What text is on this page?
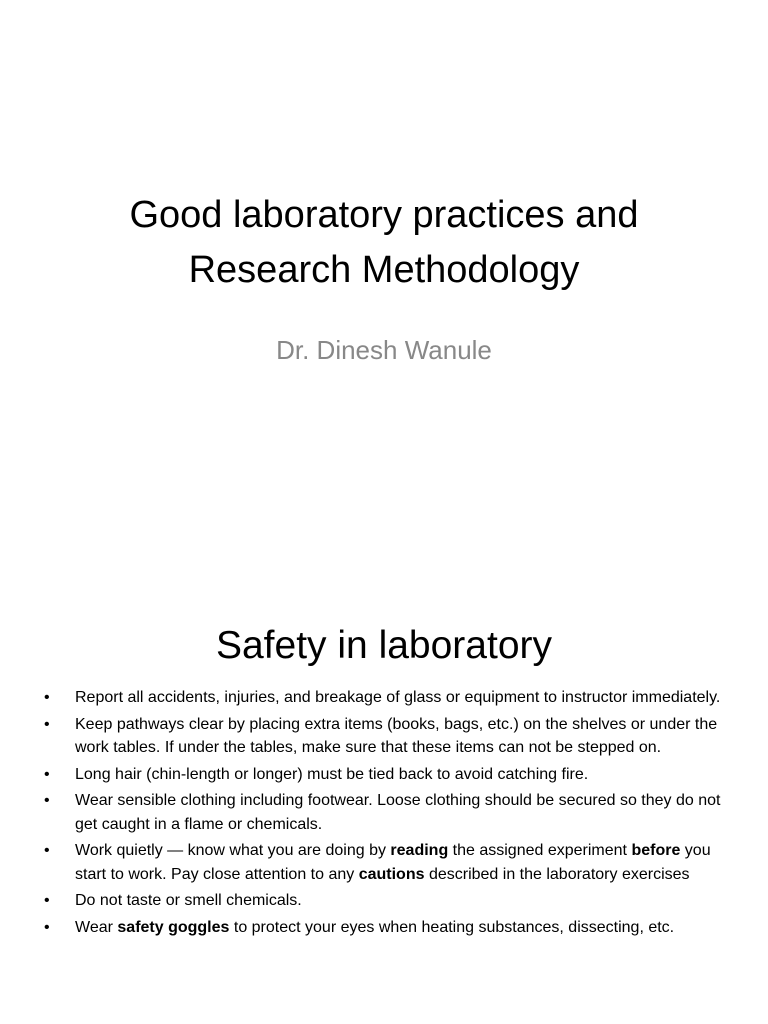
Good laboratory practices and
Research Methodology

Dr. Dinesh Wanule

Safety in laboratory
• Report all accidents, injuries, and breakage of glass or equipment to instructor immediately.
• Keep pathways clear by placing extra items (books, bags, etc.) on the shelves or under the work tables. If under the tables, make sure that these items can not be stepped on.
• Long hair (chin-length or longer) must be tied back to avoid catching fire.
• Wear sensible clothing including footwear. Loose clothing should be secured so they do not get caught in a flame or chemicals.
• Work quietly — know what you are doing by reading the assigned experiment before you start to work. Pay close attention to any cautions described in the laboratory exercises
• Do not taste or smell chemicals.
• Wear safety goggles to protect your eyes when heating substances, dissecting, etc.
